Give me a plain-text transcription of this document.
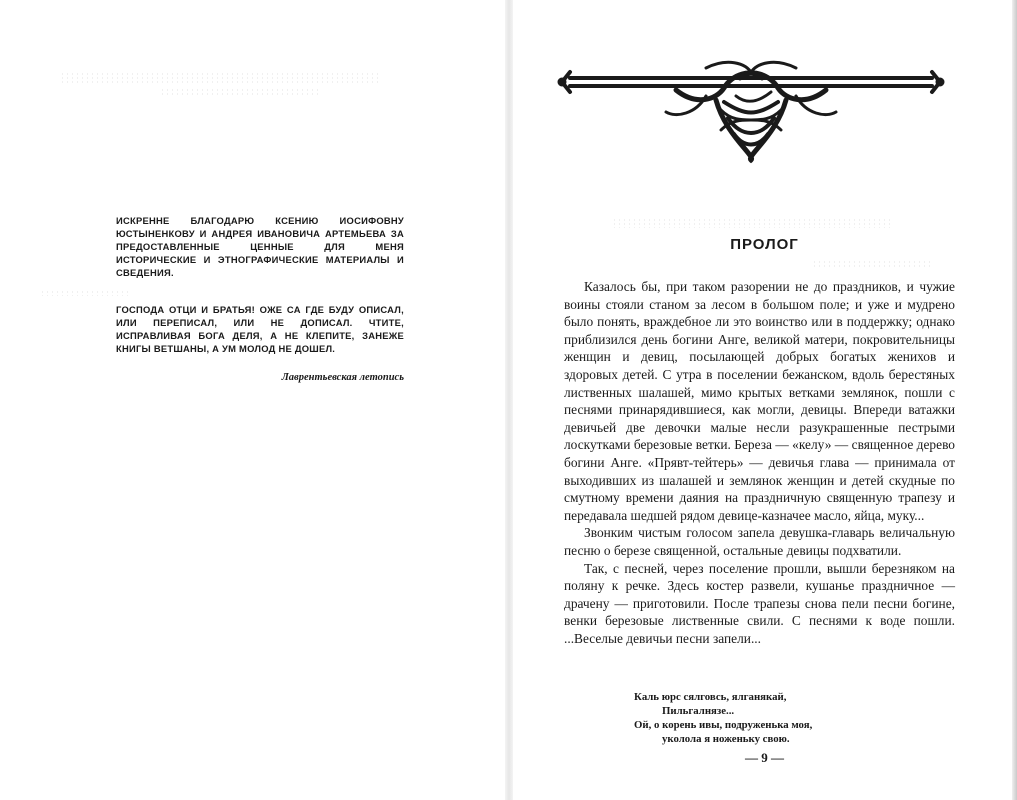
ИСКРЕННЕ БЛАГОДАРЮ КСЕНИЮ ИОСИФОВНУ ЮСТЫНЕНКОВУ И АНДРЕЯ ИВАНОВИЧА АРТЕМЬЕВА ЗА ПРЕДОСТАВЛЕННЫЕ ЦЕННЫЕ ДЛЯ МЕНЯ ИСТОРИЧЕСКИЕ И ЭТНОГРАФИЧЕСКИЕ МАТЕРИАЛЫ И СВЕДЕНИЯ.
ГОСПОДА ОТЦИ И БРАТЬЯ! ОЖЕ СА ГДЕ БУДУ ОПИСАЛ, ИЛИ ПЕРЕПИСАЛ, ИЛИ НЕ ДОПИСАЛ. ЧТИТЕ, ИСПРАВЛИВАЯ БОГА ДЕЛЯ, А НЕ КЛЕПИТЕ, ЗАНЕЖЕ КНИГЫ ВЕТШАНЫ, А УМ МОЛОД НЕ ДОШЕЛ.
Лаврентьевская летопись
ПРОЛОГ

Казалось бы, при таком разорении не до праздников, и чужие воины стояли станом за лесом в большом поле; и уже и мудрено было понять, враждебное ли это воинство или в поддержку; однако приблизился день богини Анге, великой матери, покровительницы женщин и девиц, посылающей добрых богатых женихов и здоровых детей. С утра в поселении бежанском, вдоль берестяных лиственных шалашей, мимо крытых ветками землянок, пошли с песнями принарядившиеся, как могли, девицы. Впереди ватажки девичьей две девочки малые несли разукрашенные пестрыми лоскутками березовые ветки. Береза — «келу» — священное дерево богини Анге. «Прявт-тейтерь» — девичья глава — принимала от выходивших из шалашей и землянок женщин и детей скудные по смутному времени даяния на праздничную священную трапезу и передавала шедшей рядом девице-казначее масло, яйца, муку...

Звонким чистым голосом запела девушка-главарь величальную песню о березе священной, остальные девицы подхватили.

Так, с песней, через поселение прошли, вышли березняком на поляну к речке. Здесь костер развели, кушанье праздничное — драчену — приготовили. После трапезы снова пели песни богине, венки березовые лиственные свили. С песнями к воде пошли. ...Веселые девичьи песни запели...

Кaль юрс сялговсь, ялганякай,
Пильгалнязе...
Ой, о корень ивы, подруженька моя,
уколола я ноженьку свою.
— 9 —
